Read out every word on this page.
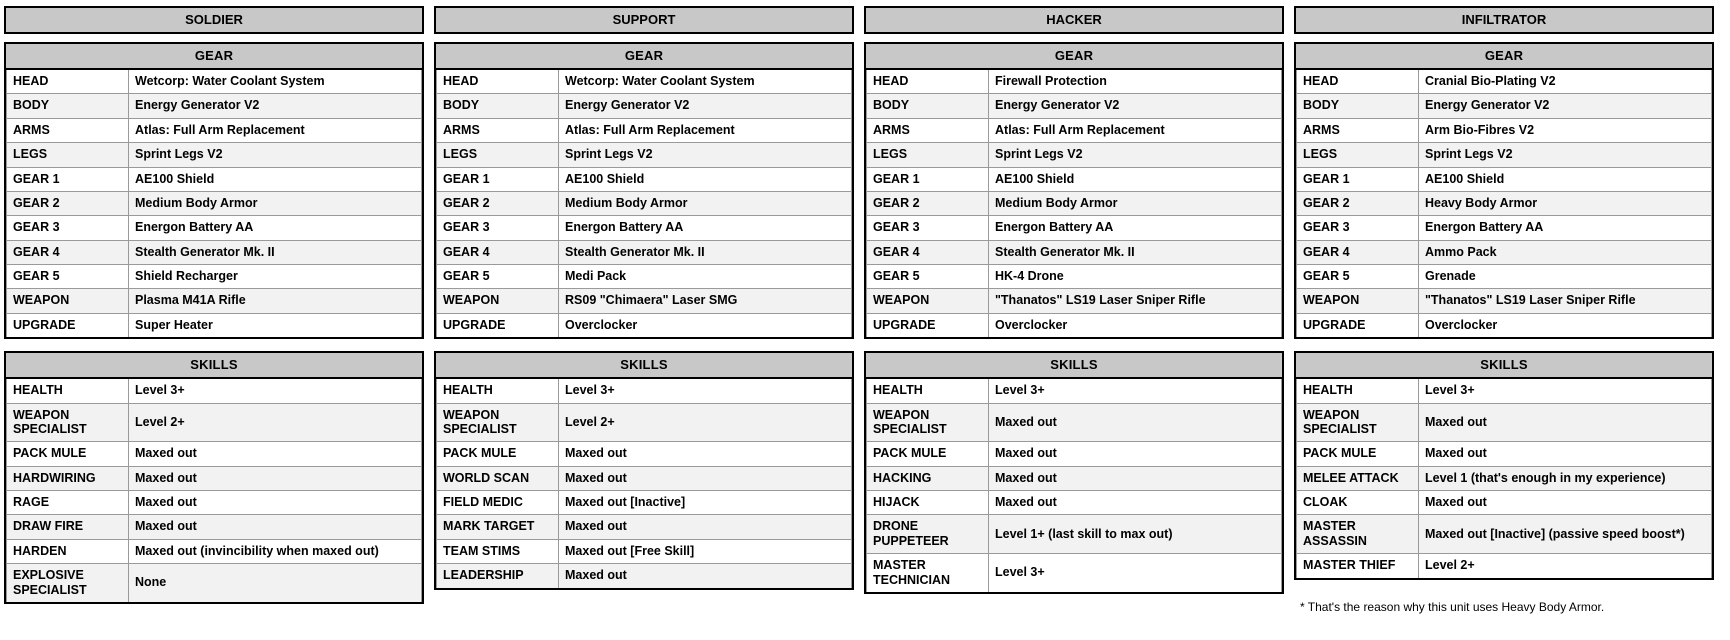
SOLDIER
GEAR
HEAD	Wetcorp: Water Coolant System
BODY	Energy Generator V2
ARMS	Atlas: Full Arm Replacement
LEGS	Sprint Legs V2
GEAR 1	AE100 Shield
GEAR 2	Medium Body Armor
GEAR 3	Energon Battery AA
GEAR 4	Stealth Generator Mk. II
GEAR 5	Shield Recharger
WEAPON	Plasma M41A Rifle
UPGRADE	Super Heater
SKILLS
HEALTH	Level 3+
WEAPON SPECIALIST	Level 2+
PACK MULE	Maxed out
HARDWIRING	Maxed out
RAGE	Maxed out
DRAW FIRE	Maxed out
HARDEN	Maxed out (invincibility when maxed out)
EXPLOSIVE SPECIALIST	None
SUPPORT
GEAR
HEAD	Wetcorp: Water Coolant System
BODY	Energy Generator V2
ARMS	Atlas: Full Arm Replacement
LEGS	Sprint Legs V2
GEAR 1	AE100 Shield
GEAR 2	Medium Body Armor
GEAR 3	Energon Battery AA
GEAR 4	Stealth Generator Mk. II
GEAR 5	Medi Pack
WEAPON	RS09 "Chimaera" Laser SMG
UPGRADE	Overclocker
SKILLS
HEALTH	Level 3+
WEAPON SPECIALIST	Level 2+
PACK MULE	Maxed out
WORLD SCAN	Maxed out
FIELD MEDIC	Maxed out [Inactive]
MARK TARGET	Maxed out
TEAM STIMS	Maxed out [Free Skill]
LEADERSHIP	Maxed out
HACKER
GEAR
HEAD	Firewall Protection
BODY	Energy Generator V2
ARMS	Atlas: Full Arm Replacement
LEGS	Sprint Legs V2
GEAR 1	AE100 Shield
GEAR 2	Medium Body Armor
GEAR 3	Energon Battery AA
GEAR 4	Stealth Generator Mk. II
GEAR 5	HK-4 Drone
WEAPON	"Thanatos" LS19 Laser Sniper Rifle
UPGRADE	Overclocker
SKILLS
HEALTH	Level 3+
WEAPON SPECIALIST	Maxed out
PACK MULE	Maxed out
HACKING	Maxed out
HIJACK	Maxed out
DRONE PUPPETEER	Level 1+ (last skill to max out)
MASTER TECHNICIAN	Level 3+
INFILTRATOR
GEAR
HEAD	Cranial Bio-Plating V2
BODY	Energy Generator V2
ARMS	Arm Bio-Fibres V2
LEGS	Sprint Legs V2
GEAR 1	AE100 Shield
GEAR 2	Heavy Body Armor
GEAR 3	Energon Battery AA
GEAR 4	Ammo Pack
GEAR 5	Grenade
WEAPON	"Thanatos" LS19 Laser Sniper Rifle
UPGRADE	Overclocker
SKILLS
HEALTH	Level 3+
WEAPON SPECIALIST	Maxed out
PACK MULE	Maxed out
MELEE ATTACK	Level 1 (that's enough in my experience)
CLOAK	Maxed out
MASTER ASSASSIN	Maxed out [Inactive] (passive speed boost*)
MASTER THIEF	Level 2+
* That's the reason why this unit uses Heavy Body Armor.
